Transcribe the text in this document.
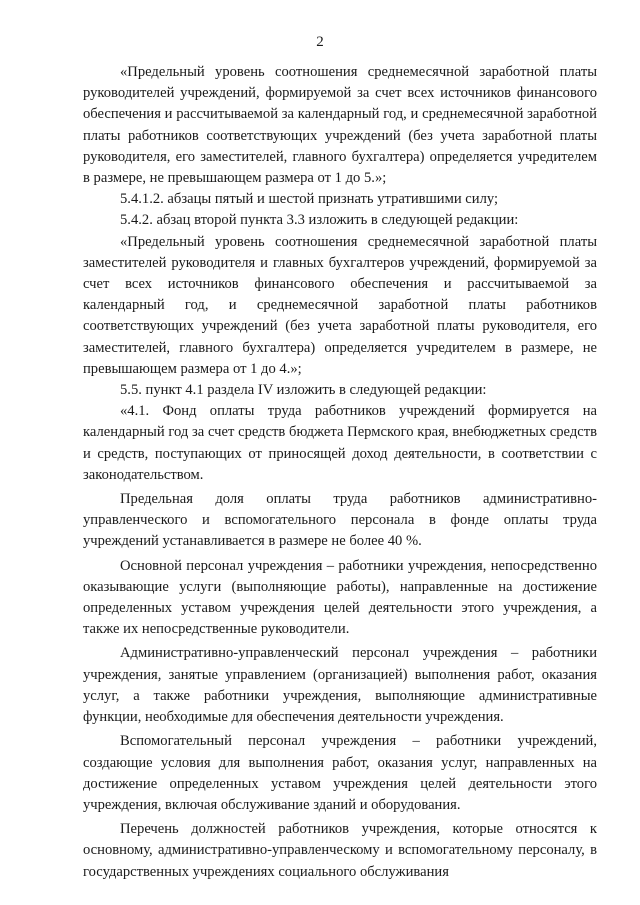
2

«Предельный уровень соотношения среднемесячной заработной платы руководителей учреждений, формируемой за счет всех источников финансового обеспечения и рассчитываемой за календарный год, и среднемесячной заработной платы работников соответствующих учреждений (без учета заработной платы руководителя, его заместителей, главного бухгалтера) определяется учредителем в размере, не превышающем размера от 1 до 5.»;

5.4.1.2. абзацы пятый и шестой признать утратившими силу;

5.4.2. абзац второй пункта 3.3 изложить в следующей редакции:

«Предельный уровень соотношения среднемесячной заработной платы заместителей руководителя и главных бухгалтеров учреждений, формируемой за счет всех источников финансового обеспечения и рассчитываемой за календарный год, и среднемесячной заработной платы работников соответствующих учреждений (без учета заработной платы руководителя, его заместителей, главного бухгалтера) определяется учредителем в размере, не превышающем размера от 1 до 4.»;

5.5. пункт 4.1 раздела IV изложить в следующей редакции:

«4.1. Фонд оплаты труда работников учреждений формируется на календарный год за счет средств бюджета Пермского края, внебюджетных средств и средств, поступающих от приносящей доход деятельности, в соответствии с законодательством.

Предельная доля оплаты труда работников административно-управленческого и вспомогательного персонала в фонде оплаты труда учреждений устанавливается в размере не более 40 %.

Основной персонал учреждения – работники учреждения, непосредственно оказывающие услуги (выполняющие работы), направленные на достижение определенных уставом учреждения целей деятельности этого учреждения, а также их непосредственные руководители.

Административно-управленческий персонал учреждения – работники учреждения, занятые управлением (организацией) выполнения работ, оказания услуг, а также работники учреждения, выполняющие административные функции, необходимые для обеспечения деятельности учреждения.

Вспомогательный персонал учреждения – работники учреждений, создающие условия для выполнения работ, оказания услуг, направленных на достижение определенных уставом учреждения целей деятельности этого учреждения, включая обслуживание зданий и оборудования.

Перечень должностей работников учреждения, которые относятся к основному, административно-управленческому и вспомогательному персоналу, в государственных учреждениях социального обслуживания
